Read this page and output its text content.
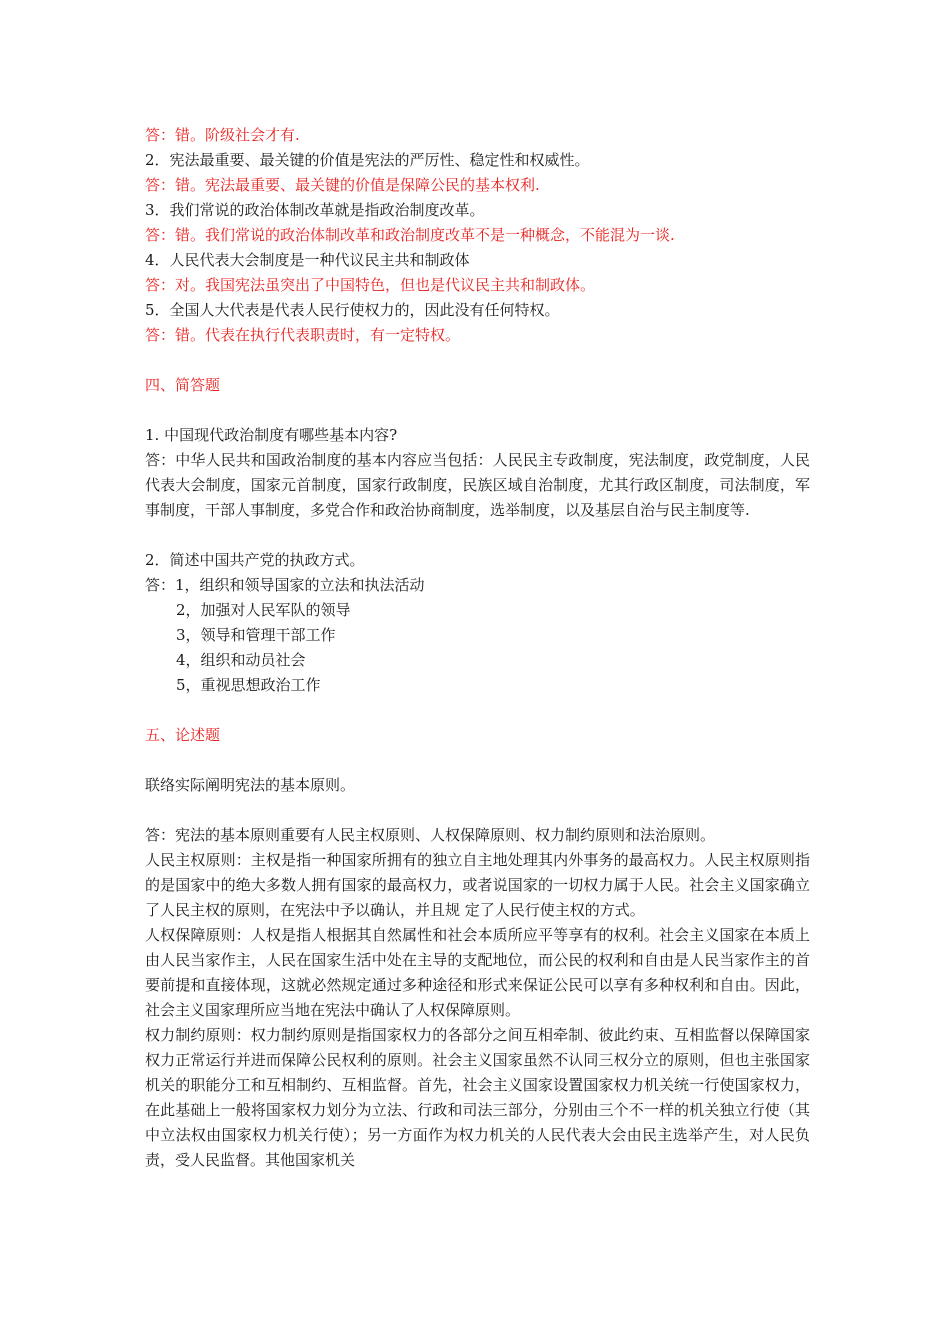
答：错。阶级社会才有.
2．宪法最重要、最关键的价值是宪法的严厉性、稳定性和权威性。
答：错。宪法最重要、最关键的价值是保障公民的基本权利.
3．我们常说的政治体制改革就是指政治制度改革。
答：错。我们常说的政治体制改革和政治制度改革不是一种概念，不能混为一谈.
4．人民代表大会制度是一种代议民主共和制政体
答：对。我国宪法虽突出了中国特色，但也是代议民主共和制政体。
5．全国人大代表是代表人民行使权力的，因此没有任何特权。
答：错。代表在执行代表职责时，有一定特权。
四、简答题
1. 中国现代政治制度有哪些基本内容?

答：中华人民共和国政治制度的基本内容应当包括：人民民主专政制度，宪法制度，政党制度，人民代表大会制度，国家元首制度，国家行政制度，民族区域自治制度，尤其行政区制度，司法制度，军事制度，干部人事制度，多党合作和政治协商制度，选举制度，以及基层自治与民主制度等.

2．简述中国共产党的执政方式。
答：1，组织和领导国家的立法和执法活动
2，加强对人民军队的领导
3，领导和管理干部工作
4，组织和动员社会
5，重视思想政治工作
五、论述题
联络实际阐明宪法的基本原则。
答：宪法的基本原则重要有人民主权原则、人权保障原则、权力制约原则和法治原则。

人民主权原则：主权是指一种国家所拥有的独立自主地处理其内外事务的最高权力。人民主权原则指的是国家中的绝大多数人拥有国家的最高权力，或者说国家的一切权力属于人民。社会主义国家确立了人民主权的原则，在宪法中予以确认，并且规 定了人民行使主权的方式。

人权保障原则：人权是指人根据其自然属性和社会本质所应平等享有的权利。社会主义国家在本质上由人民当家作主，人民在国家生活中处在主导的支配地位，而公民的权利和自由是人民当家作主的首要前提和直接体现，这就必然规定通过多种途径和形式来保证公民可以享有多种权利和自由。因此，社会主义国家理所应当地在宪法中确认了人权保障原则。

权力制约原则：权力制约原则是指国家权力的各部分之间互相牵制、彼此约束、互相监督以保障国家权力正常运行并进而保障公民权利的原则。社会主义国家虽然不认同三权分立的原则，但也主张国家机关的职能分工和互相制约、互相监督。首先，社会主义国家设置国家权力机关统一行使国家权力，在此基础上一般将国家权力划分为立法、行政和司法三部分，分别由三个不一样的机关独立行使（其中立法权由国家权力机关行使）；另一方面作为权力机关的人民代表大会由民主选举产生，对人民负责，受人民监督。其他国家机关
